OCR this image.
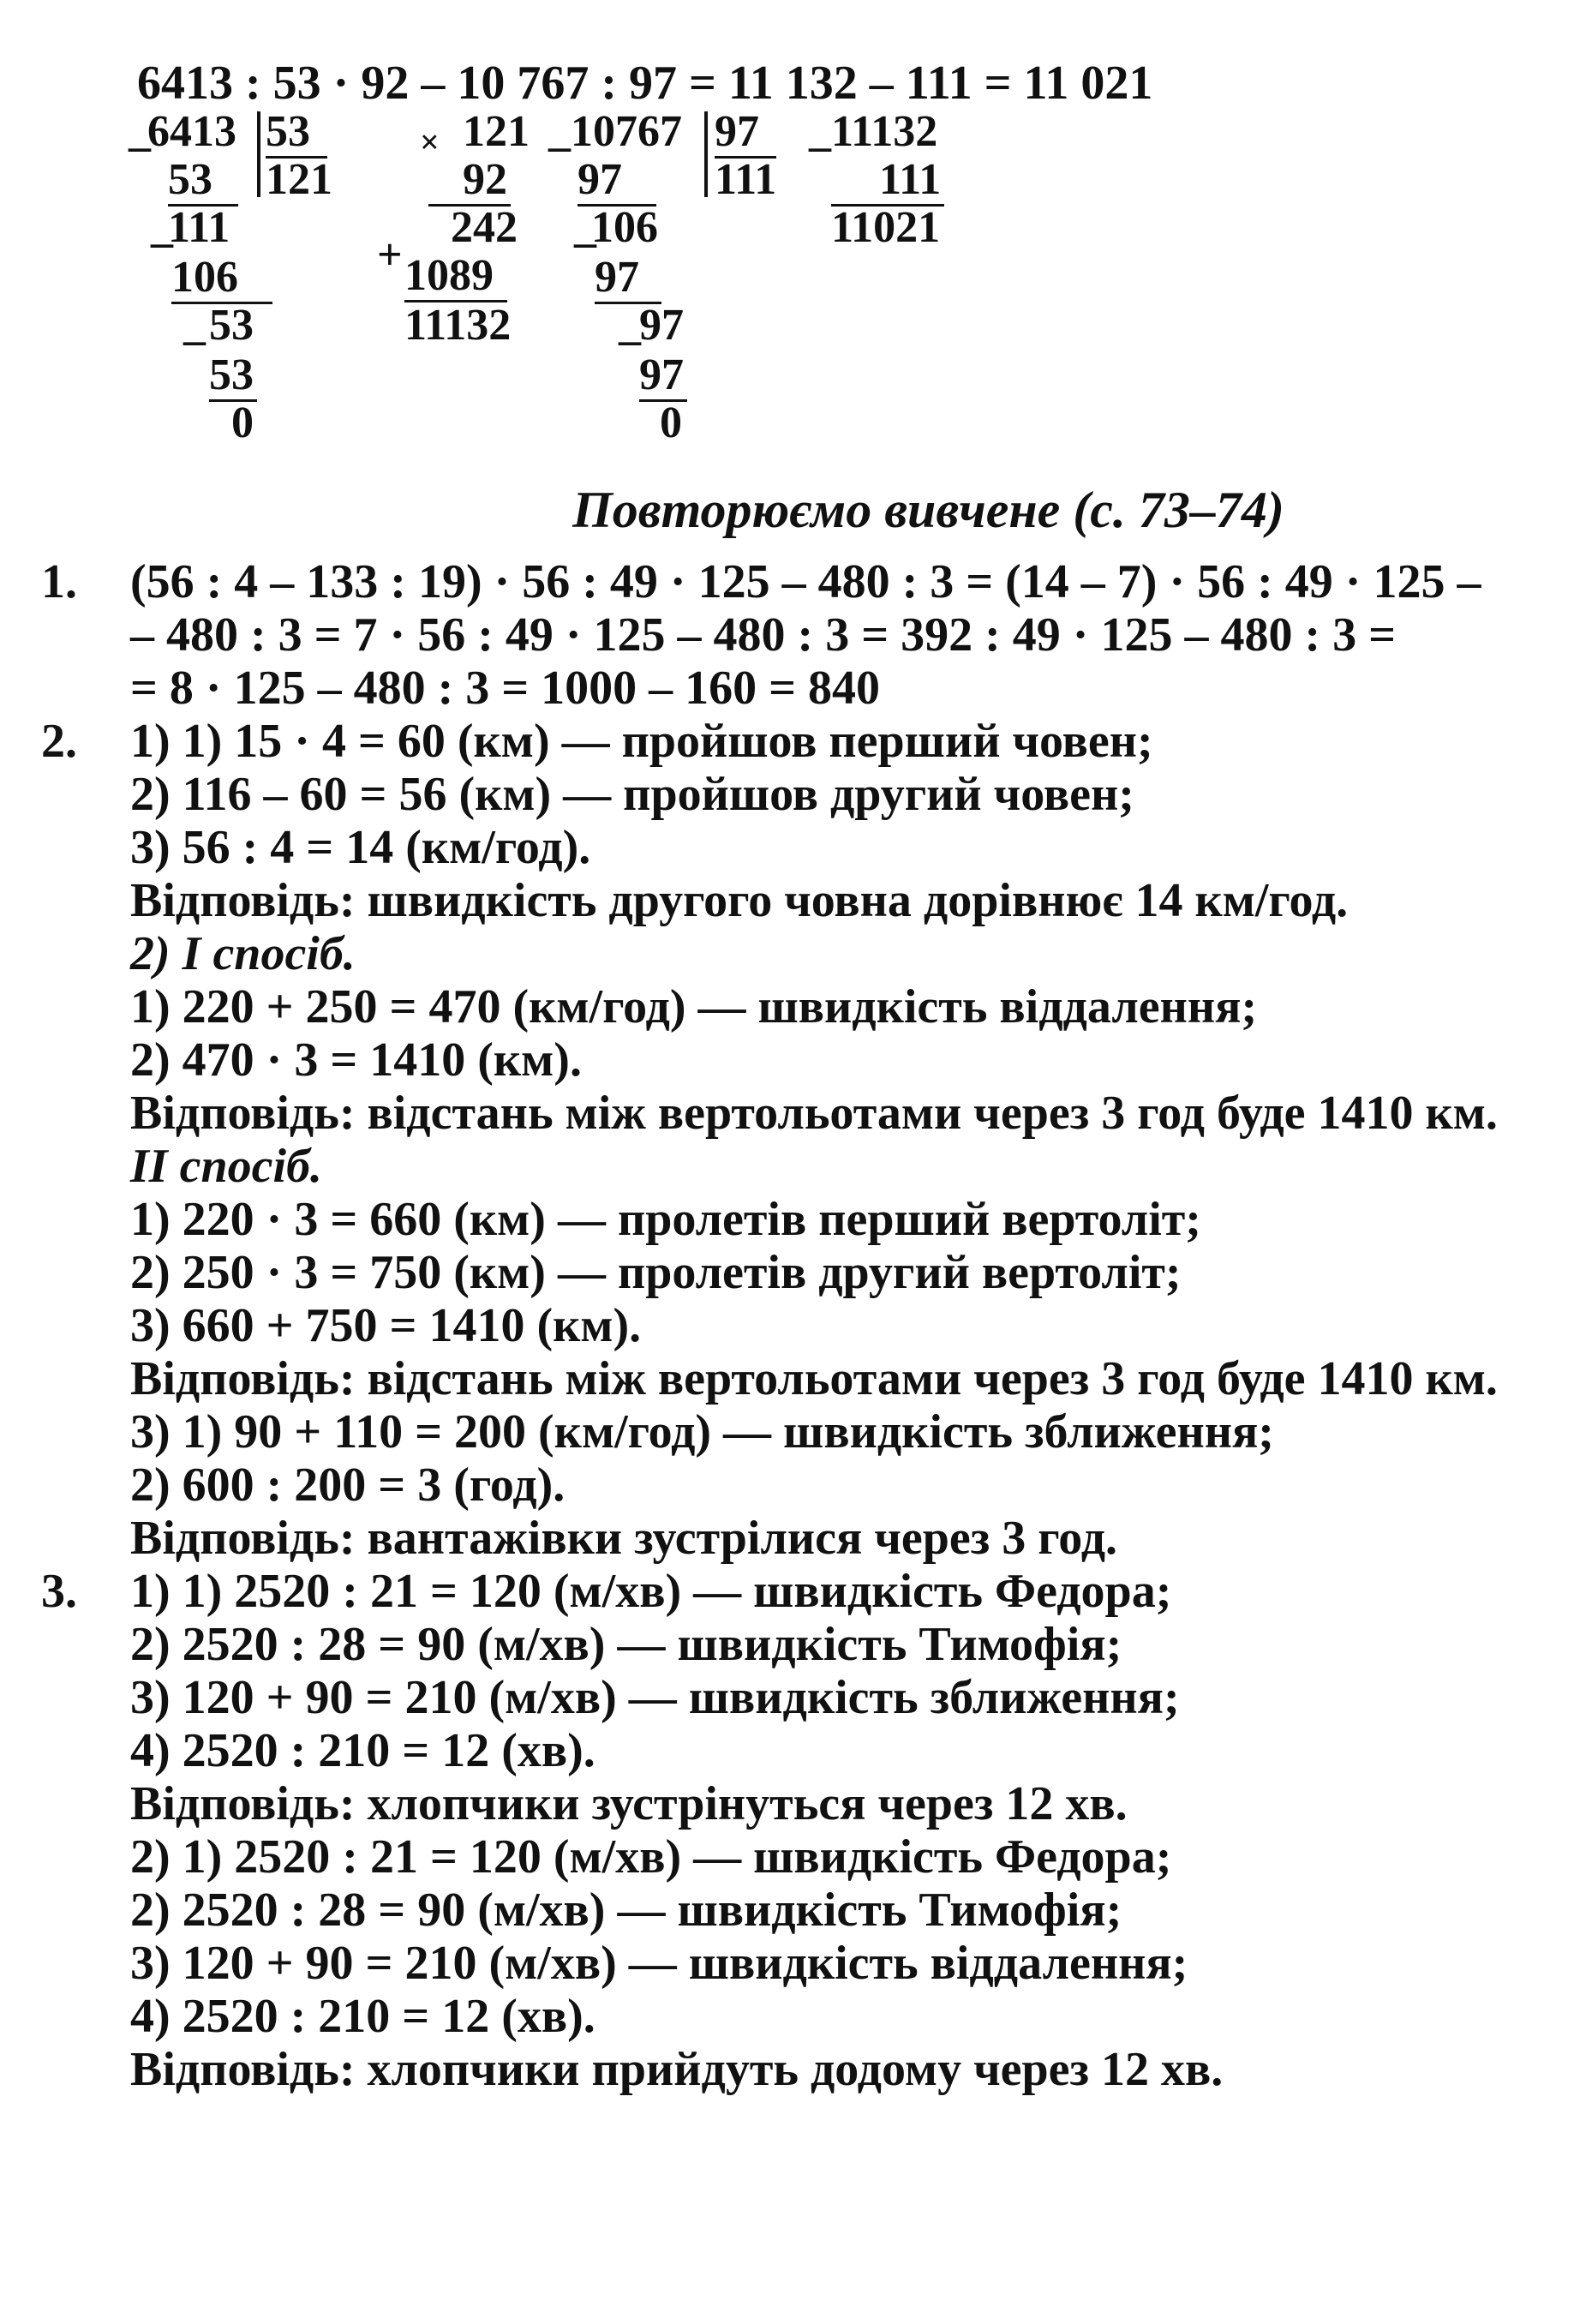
6413 : 53 · 92 – 10 767 : 97 = 11 132 – 111 = 11 021
_
6413 53
121
53
_
111
106
_ 53
53
0
× 121
92
242
+ 1089
11132
_ 10767 97
111
97
_
106
97
_
97
97
0
_ 11132
111
11021
Повторюємо вивчене (с. 73–74)
1. (56 : 4 – 133 : 19) · 56 : 49 · 125 – 480 : 3 = (14 – 7) · 56 : 49 · 125 –
– 480 : 3 = 7 · 56 : 49 · 125 – 480 : 3 = 392 : 49 · 125 – 480 : 3 =
= 8 · 125 – 480 : 3 = 1000 – 160 = 840
2. 1) 1) 15 · 4 = 60 (км) — пройшов перший човен;
2) 116 – 60 = 56 (км) — пройшов другий човен;
3) 56 : 4 = 14 (км/год).
Відповідь: швидкість другого човна дорівнює 14 км/год.
2) I спосіб.
1) 220 + 250 = 470 (км/год) — швидкість віддалення;
2) 470 · 3 = 1410 (км).
Відповідь: відстань між вертольотами через 3 год буде 1410 км.
II спосіб.
1) 220 · 3 = 660 (км) — пролетів перший вертоліт;
2) 250 · 3 = 750 (км) — пролетів другий вертоліт;
3) 660 + 750 = 1410 (км).
Відповідь: відстань між вертольотами через 3 год буде 1410 км.
3) 1) 90 + 110 = 200 (км/год) — швидкість зближення;
2) 600 : 200 = 3 (год).
Відповідь: вантажівки зустрілися через 3 год.
3. 1) 1) 2520 : 21 = 120 (м/хв) — швидкість Федора;
2) 2520 : 28 = 90 (м/хв) — швидкість Тимофія;
3) 120 + 90 = 210 (м/хв) — швидкість зближення;
4) 2520 : 210 = 12 (хв).
Відповідь: хлопчики зустрінуться через 12 хв.
2) 1) 2520 : 21 = 120 (м/хв) — швидкість Федора;
2) 2520 : 28 = 90 (м/хв) — швидкість Тимофія;
3) 120 + 90 = 210 (м/хв) — швидкість віддалення;
4) 2520 : 210 = 12 (хв).
Відповідь: хлопчики прийдуть додому через 12 хв.
